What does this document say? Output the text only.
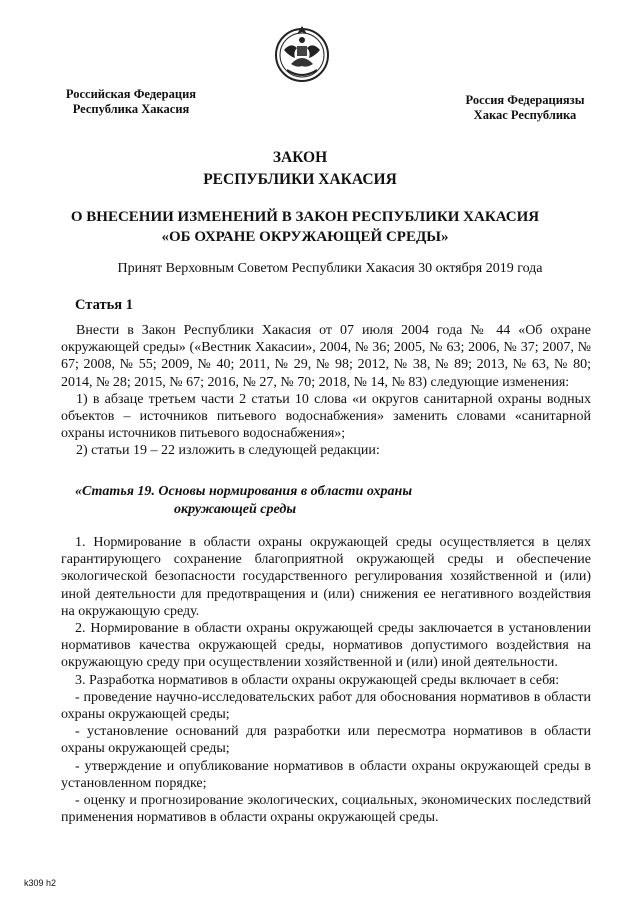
Российская Федерация
Республика Хакасия
Россия Федерациязы
Хакас Республика
ЗАКОН
РЕСПУБЛИКИ ХАКАСИЯ
О ВНЕСЕНИИ ИЗМЕНЕНИЙ В ЗАКОН РЕСПУБЛИКИ ХАКАСИЯ
«ОБ ОХРАНЕ ОКРУЖАЮЩЕЙ СРЕДЫ»
Принят Верховным Советом Республики Хакасия 30 октября 2019 года
Статья 1

Внести в Закон Республики Хакасия от 07 июля 2004 года № 44 «Об охране окружающей среды» («Вестник Хакасии», 2004, № 36; 2005, № 63; 2006, № 37; 2007, № 67; 2008, № 55; 2009, № 40; 2011, № 29, № 98; 2012, № 38, № 89; 2013, № 63, № 80; 2014, № 28; 2015, № 67; 2016, № 27, № 70; 2018, № 14, № 83) следующие изменения:

1) в абзаце третьем части 2 статьи 10 слова «и округов санитарной охраны водных объектов – источников питьевого водоснабжения» заменить словами «санитарной охраны источников питьевого водоснабжения»;

2) статьи 19 – 22 изложить в следующей редакции:

«Статья 19. Основы нормирования в области охраны
окружающей среды

1. Нормирование в области охраны окружающей среды осуществляется в целях гарантирующего сохранение благоприятной окружающей среды и обеспечение экологической безопасности государственного регулирования хозяйственной и (или) иной деятельности для предотвращения и (или) снижения ее негативного воздействия на окружающую среду.

2. Нормирование в области охраны окружающей среды заключается в установлении нормативов качества окружающей среды, нормативов допустимого воздействия на окружающую среду при осуществлении хозяйственной и (или) иной деятельности.

3. Разработка нормативов в области охраны окружающей среды включает в себя:

- проведение научно-исследовательских работ для обоснования нормативов в области охраны окружающей среды;

- установление оснований для разработки или пересмотра нормативов в области охраны окружающей среды;

- утверждение и опубликование нормативов в области охраны окружающей среды в установленном порядке;

- оценку и прогнозирование экологических, социальных, экономических последствий применения нормативов в области охраны окружающей среды.

k309 h2
